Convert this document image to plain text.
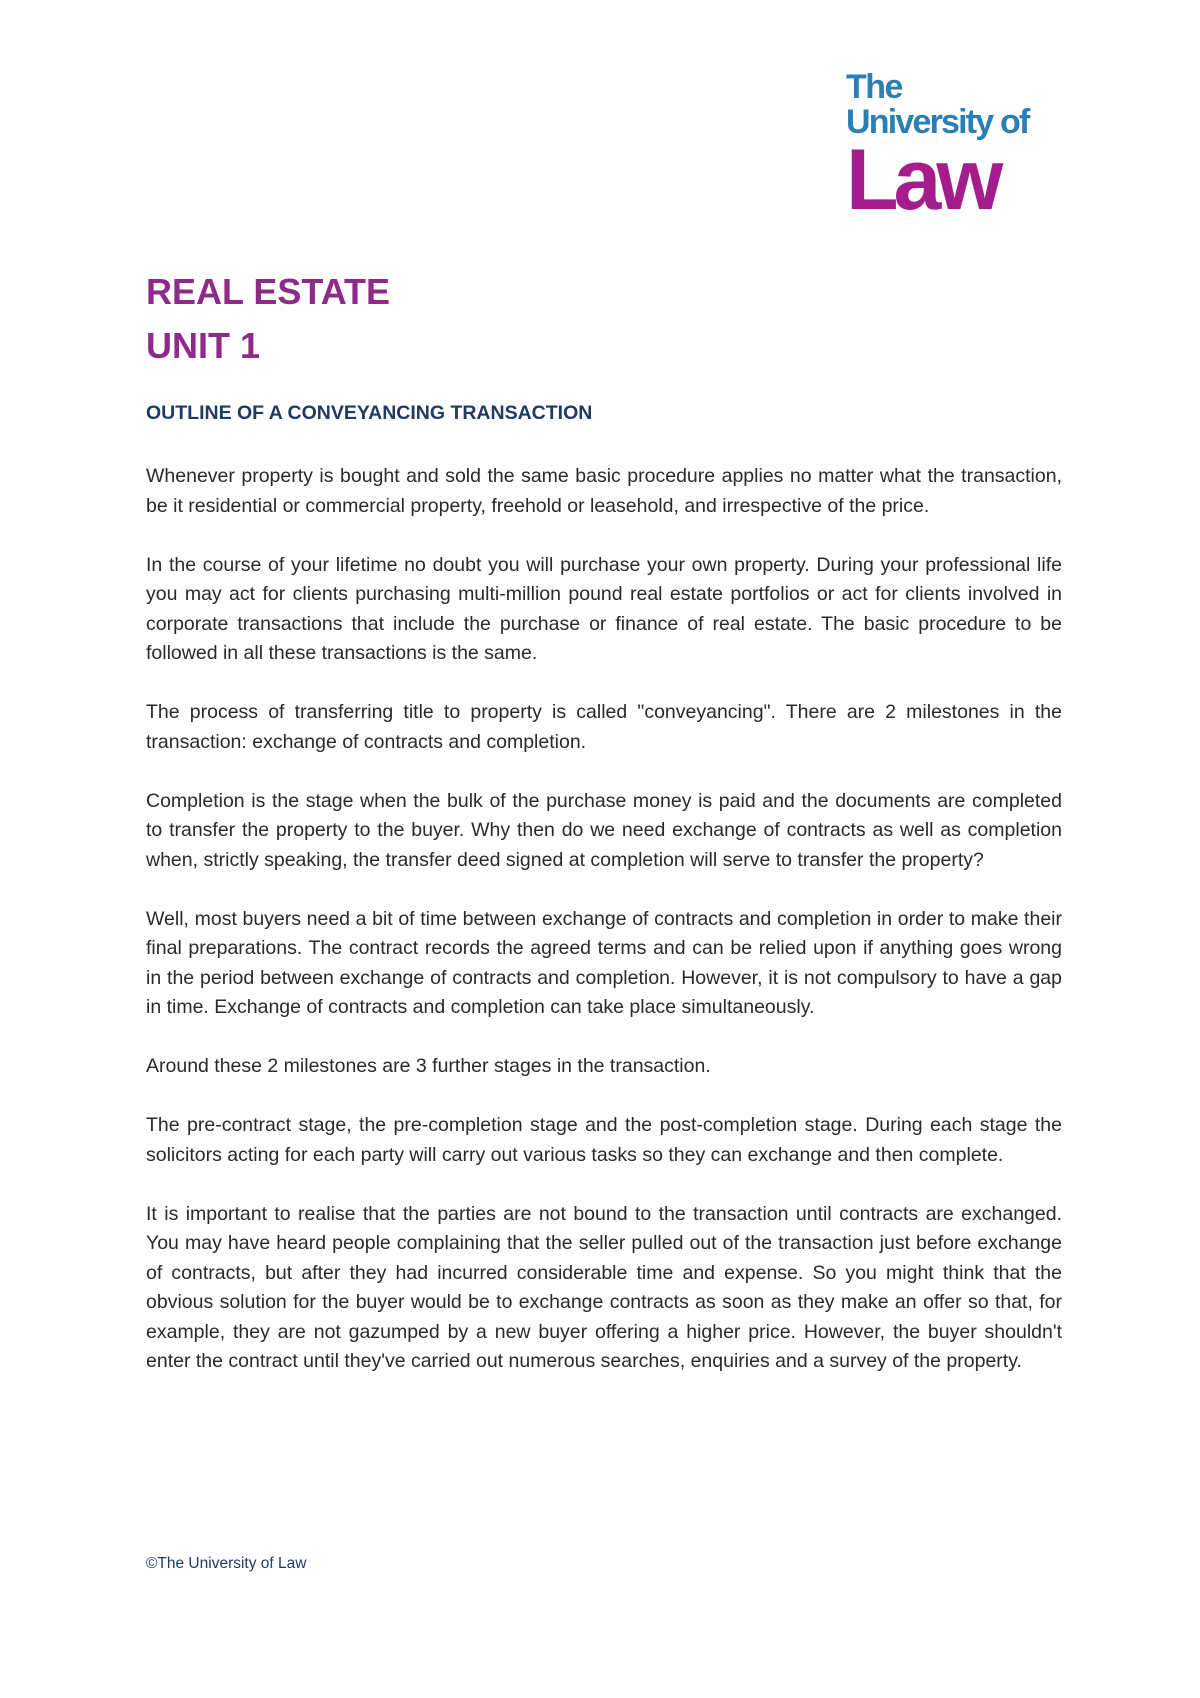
The

University of

Law

REAL ESTATE

UNIT 1

OUTLINE OF A CONVEYANCING TRANSACTION

Whenever property is bought and sold the same basic procedure applies no matter what the transaction, be it residential or commercial property, freehold or leasehold, and irrespective of the price.

In the course of your lifetime no doubt you will purchase your own property. During your professional life you may act for clients purchasing multi-million pound real estate portfolios or act for clients involved in corporate transactions that include the purchase or finance of real estate. The basic procedure to be followed in all these transactions is the same.

The process of transferring title to property is called "conveyancing". There are 2 milestones in the transaction: exchange of contracts and completion.

Completion is the stage when the bulk of the purchase money is paid and the documents are completed to transfer the property to the buyer. Why then do we need exchange of contracts as well as completion when, strictly speaking, the transfer deed signed at completion will serve to transfer the property?

Well, most buyers need a bit of time between exchange of contracts and completion in order to make their final preparations. The contract records the agreed terms and can be relied upon if anything goes wrong in the period between exchange of contracts and completion. However, it is not compulsory to have a gap in time. Exchange of contracts and completion can take place simultaneously.

Around these 2 milestones are 3 further stages in the transaction.

The pre-contract stage, the pre-completion stage and the post-completion stage. During each stage the solicitors acting for each party will carry out various tasks so they can exchange and then complete.

It is important to realise that the parties are not bound to the transaction until contracts are exchanged. You may have heard people complaining that the seller pulled out of the transaction just before exchange of contracts, but after they had incurred considerable time and expense. So you might think that the obvious solution for the buyer would be to exchange contracts as soon as they make an offer so that, for example, they are not gazumped by a new buyer offering a higher price. However, the buyer shouldn't enter the contract until they've carried out numerous searches, enquiries and a survey of the property.

©The University of Law
